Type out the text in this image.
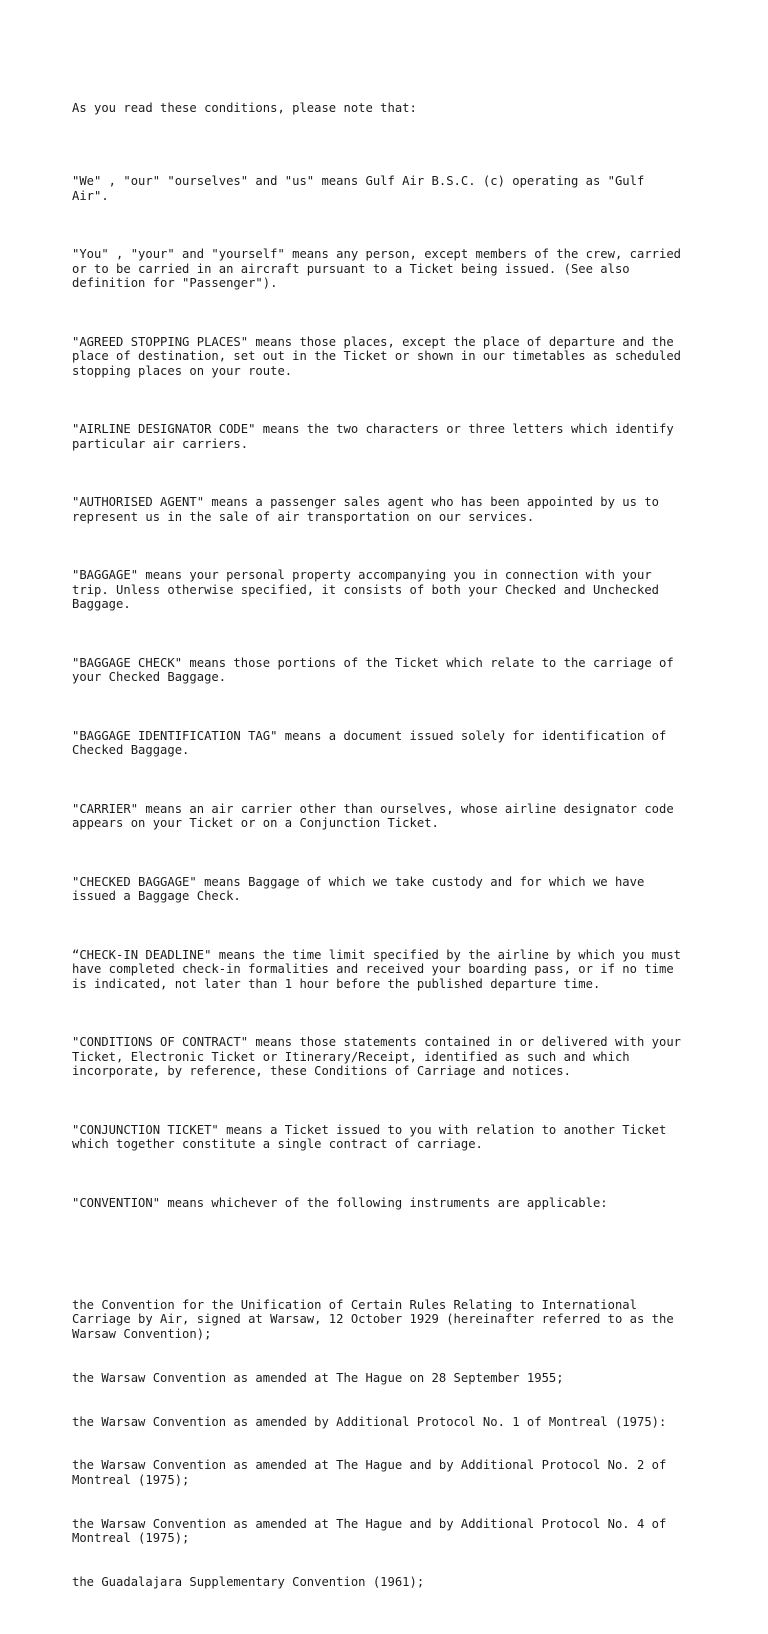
As you read these conditions, please note that:

"We" , "our" "ourselves" and "us" means Gulf Air B.S.C. (c) operating as "Gulf
Air".

"You" , "your" and "yourself" means any person, except members of the crew, carried
or to be carried in an aircraft pursuant to a Ticket being issued. (See also
definition for "Passenger").

"AGREED STOPPING PLACES" means those places, except the place of departure and the
place of destination, set out in the Ticket or shown in our timetables as scheduled
stopping places on your route.

"AIRLINE DESIGNATOR CODE" means the two characters or three letters which identify
particular air carriers.

"AUTHORISED AGENT" means a passenger sales agent who has been appointed by us to
represent us in the sale of air transportation on our services.

"BAGGAGE" means your personal property accompanying you in connection with your
trip. Unless otherwise specified, it consists of both your Checked and Unchecked
Baggage.

"BAGGAGE CHECK" means those portions of the Ticket which relate to the carriage of
your Checked Baggage.

"BAGGAGE IDENTIFICATION TAG" means a document issued solely for identification of
Checked Baggage.

"CARRIER" means an air carrier other than ourselves, whose airline designator code
appears on your Ticket or on a Conjunction Ticket.

"CHECKED BAGGAGE" means Baggage of which we take custody and for which we have
issued a Baggage Check.

“CHECK-IN DEADLINE" means the time limit specified by the airline by which you must
have completed check-in formalities and received your boarding pass, or if no time
is indicated, not later than 1 hour before the published departure time.

"CONDITIONS OF CONTRACT" means those statements contained in or delivered with your
Ticket, Electronic Ticket or Itinerary/Receipt, identified as such and which
incorporate, by reference, these Conditions of Carriage and notices.

"CONJUNCTION TICKET" means a Ticket issued to you with relation to another Ticket
which together constitute a single contract of carriage.

"CONVENTION" means whichever of the following instruments are applicable:

the Convention for the Unification of Certain Rules Relating to International
Carriage by Air, signed at Warsaw, 12 October 1929 (hereinafter referred to as the
Warsaw Convention);

the Warsaw Convention as amended at The Hague on 28 September 1955;

the Warsaw Convention as amended by Additional Protocol No. 1 of Montreal (1975):

the Warsaw Convention as amended at The Hague and by Additional Protocol No. 2 of
Montreal (1975);

the Warsaw Convention as amended at The Hague and by Additional Protocol No. 4 of
Montreal (1975);

the Guadalajara Supplementary Convention (1961);
